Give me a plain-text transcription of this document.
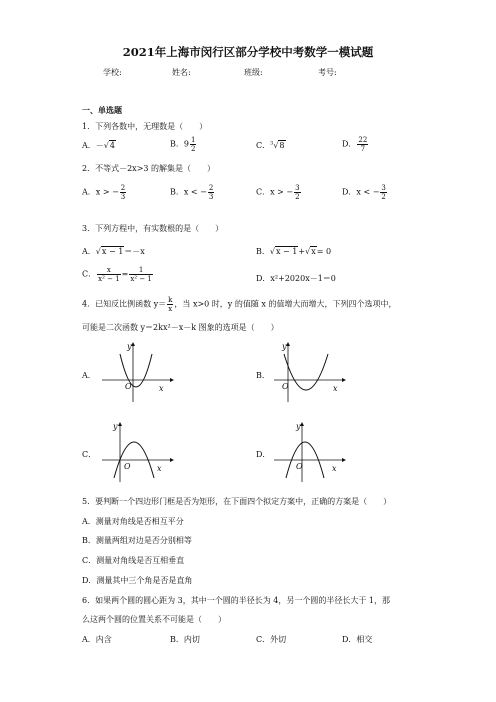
2021年上海市闵行区部分学校中考数学一模试题
学校:	姓名:	班级:	考号:
一、单选题
1．下列各数中，无理数是（　　）
A．－√4	B．$9 \frac{1}{2}$	C．$^3$√8	D． $\frac{22}{7}$
2．不等式－2x>3 的解集是（　　）
A．x > − $\frac{2}{3}$	B．x < − $\frac{2}{3}$	C．x > − $\frac{3}{2}$	D．x < − $\frac{3}{2}$
3．下列方程中，有实数根的是（　　）
A．√x − 1＝－x	B．√x − 1+√x= 0
C． $\frac{x}{\text{x² − 1}} = \frac{1}{\text{x² − 1}}$	D．x²+2020x－1＝0
4．已知反比例函数 $y= \frac{k}{x}$ ，当 x>0 时，y 的值随 x 的值增大而增大，下列四个选项中，
可能是二次函数 y＝2kx²－x－k 图象的选项是（　　）
A．
y
x
O
B．
y
x
O
C．
y
x
O
D．
y
x
O
5．要判断一个四边形门框是否为矩形，在下面四个拟定方案中，正确的方案是（　　）
A．测量对角线是否相互平分
B．测量两组对边是否分别相等
C．测量对角线是否互相垂直
D．测量其中三个角是否是直角
6．如果两个圆的圆心距为 3，其中一个圆的半径长为 4，另一个圆的半径长大于 1，那
么这两个圆的位置关系不可能是（　　）
A．内含	B．内切	C．外切	D．相交
